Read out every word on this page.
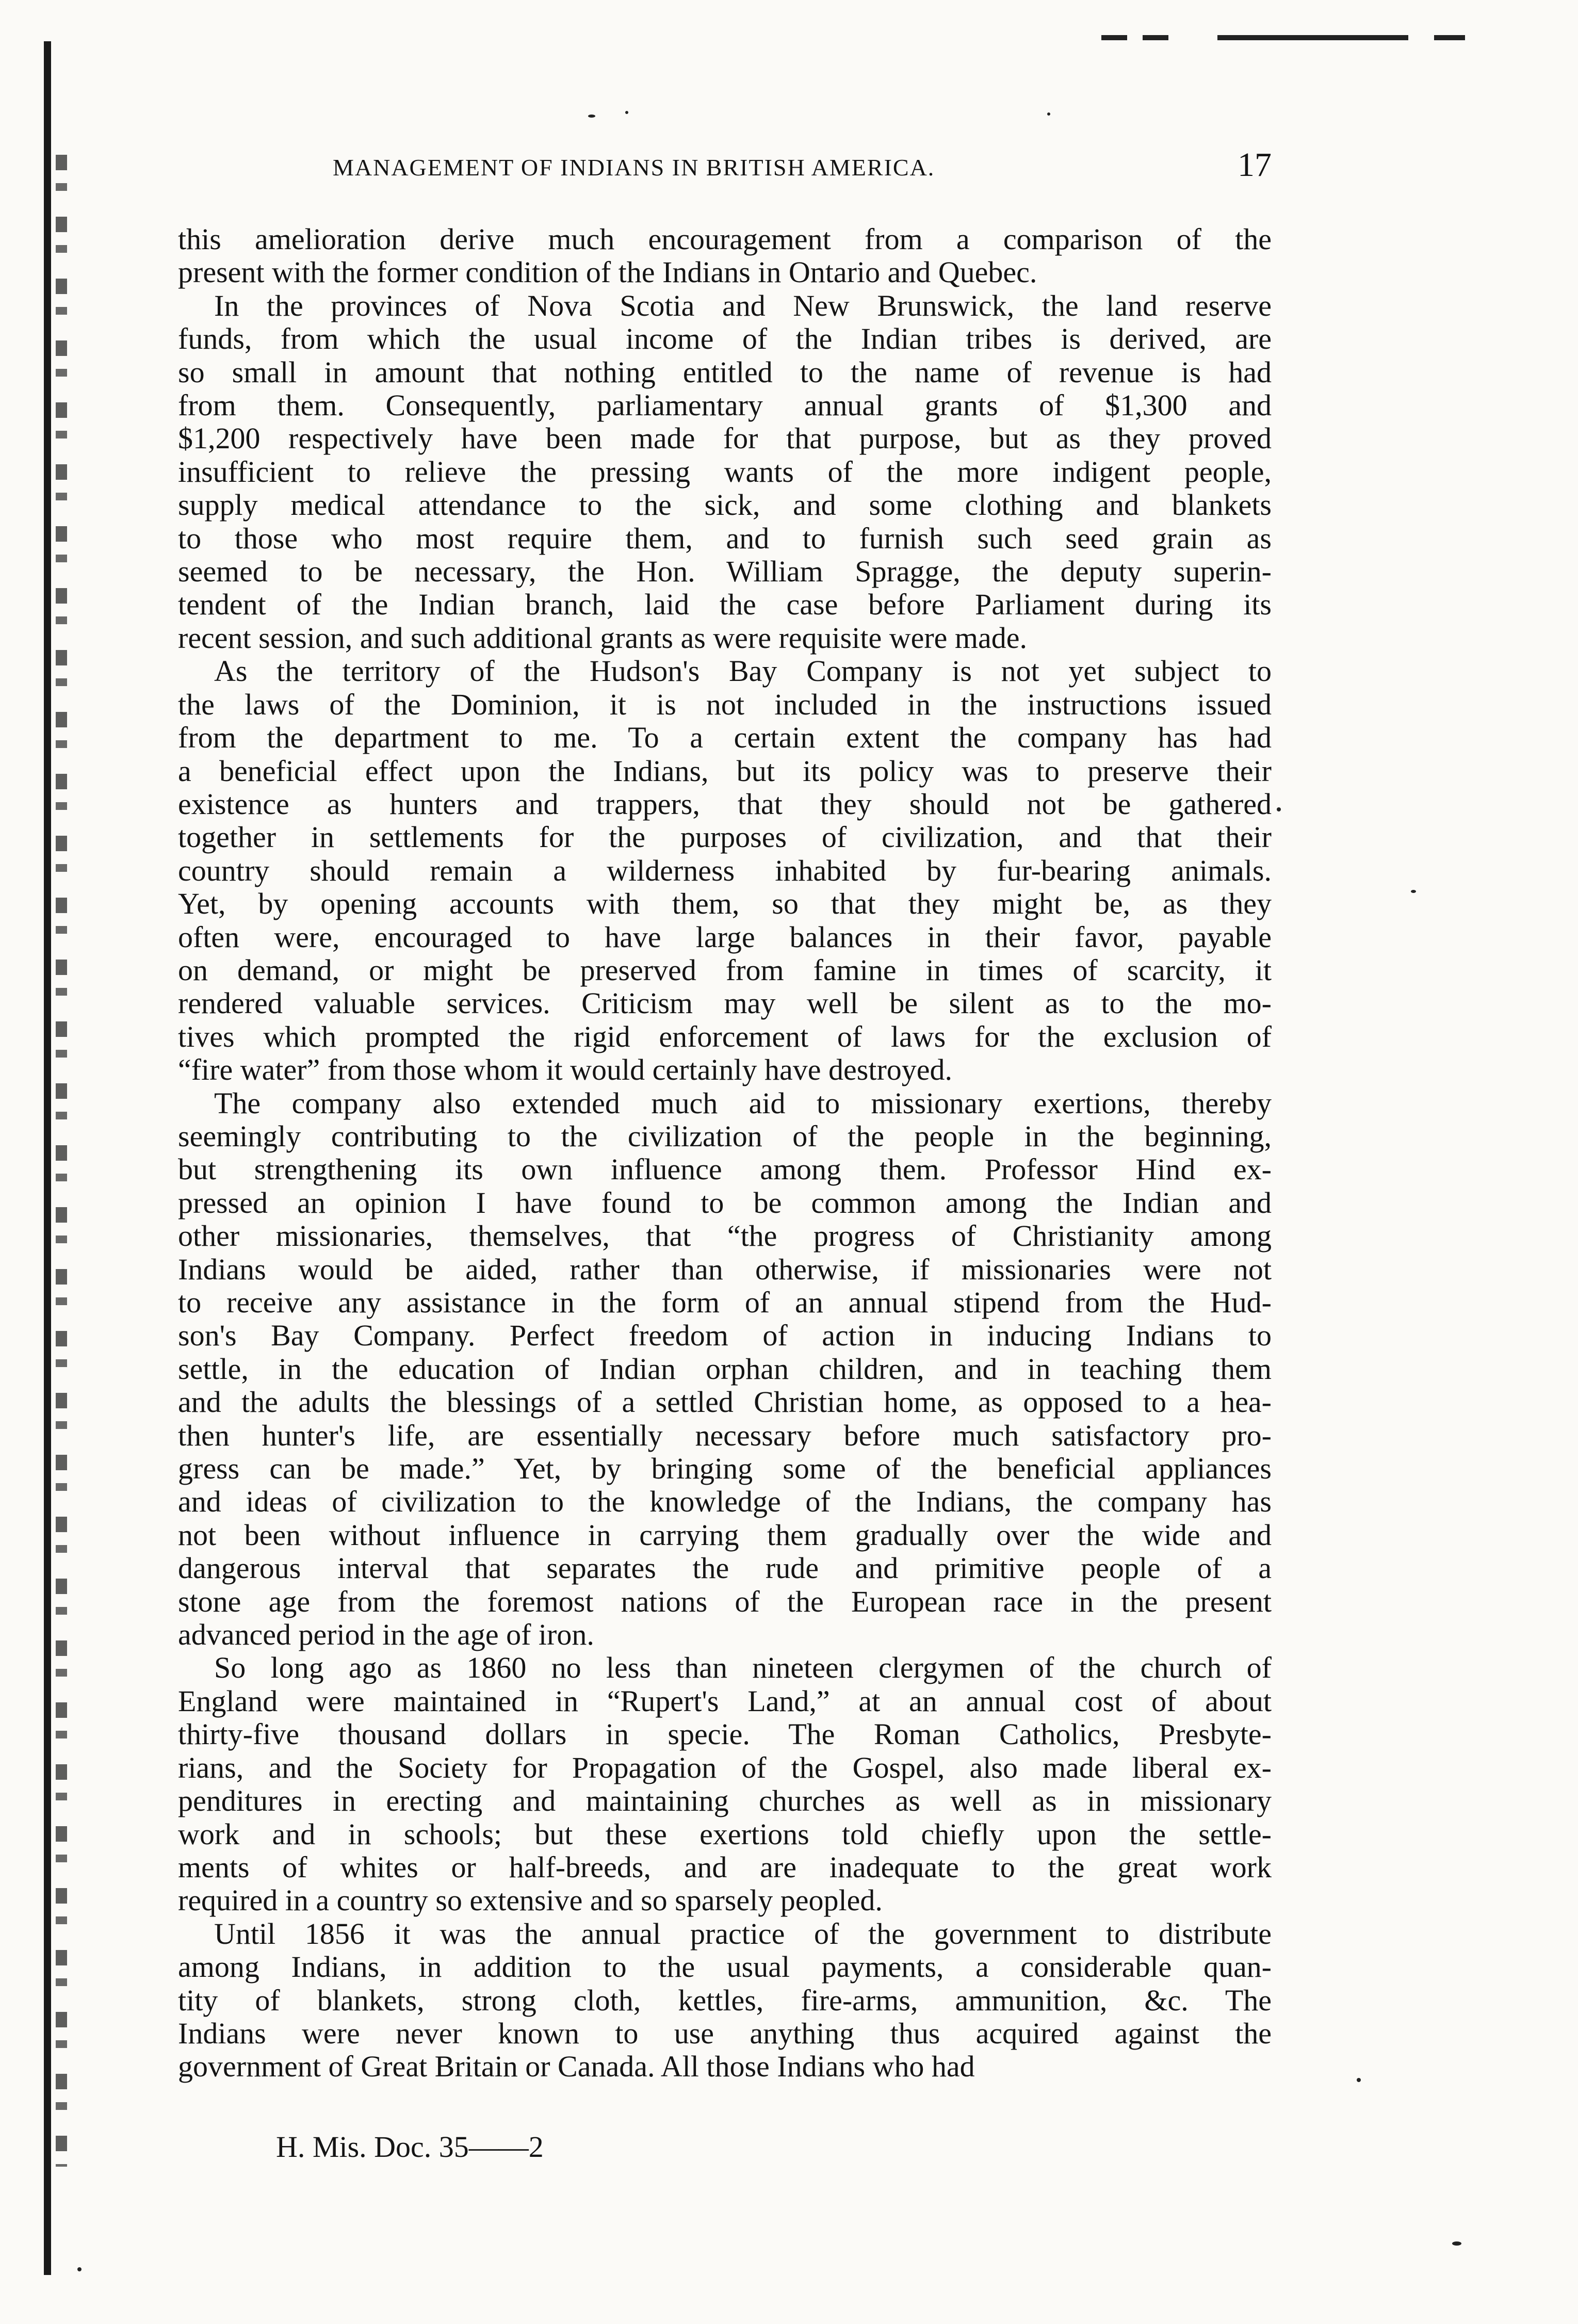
MANAGEMENT OF INDIANS IN BRITISH AMERICA.	17

this amelioration derive much encouragement from a comparison of the

present with the former condition of the Indians in Ontario and Quebec.

In the provinces of Nova Scotia and New Brunswick, the land reserve

funds, from which the usual income of the Indian tribes is derived, are

so small in amount that nothing entitled to the name of revenue is had

from them. Consequently, parliamentary annual grants of $1,300 and

$1,200 respectively have been made for that purpose, but as they proved

insufficient to relieve the pressing wants of the more indigent people,

supply medical attendance to the sick, and some clothing and blankets

to those who most require them, and to furnish such seed grain as

seemed to be necessary, the Hon. William Spragge, the deputy superin-

tendent of the Indian branch, laid the case before Parliament during its

recent session, and such additional grants as were requisite were made.

As the territory of the Hudson's Bay Company is not yet subject to

the laws of the Dominion, it is not included in the instructions issued

from the department to me. To a certain extent the company has had

a beneficial effect upon the Indians, but its policy was to preserve their

existence as hunters and trappers, that they should not be gathered

together in settlements for the purposes of civilization, and that their

country should remain a wilderness inhabited by fur-bearing animals.

Yet, by opening accounts with them, so that they might be, as they

often were, encouraged to have large balances in their favor, payable

on demand, or might be preserved from famine in times of scarcity, it

rendered valuable services. Criticism may well be silent as to the mo-

tives which prompted the rigid enforcement of laws for the exclusion of

“fire water” from those whom it would certainly have destroyed.

The company also extended much aid to missionary exertions, thereby

seemingly contributing to the civilization of the people in the beginning,

but strengthening its own influence among them. Professor Hind ex-

pressed an opinion I have found to be common among the Indian and

other missionaries, themselves, that “the progress of Christianity among

Indians would be aided, rather than otherwise, if missionaries were not

to receive any assistance in the form of an annual stipend from the Hud-

son's Bay Company. Perfect freedom of action in inducing Indians to

settle, in the education of Indian orphan children, and in teaching them

and the adults the blessings of a settled Christian home, as opposed to a hea-

then hunter's life, are essentially necessary before much satisfactory pro-

gress can be made.” Yet, by bringing some of the beneficial appliances

and ideas of civilization to the knowledge of the Indians, the company has

not been without influence in carrying them gradually over the wide and

dangerous interval that separates the rude and primitive people of a

stone age from the foremost nations of the European race in the present

advanced period in the age of iron.

So long ago as 1860 no less than nineteen clergymen of the church of

England were maintained in “Rupert's Land,” at an annual cost of about

thirty-five thousand dollars in specie. The Roman Catholics, Presbyte-

rians, and the Society for Propagation of the Gospel, also made liberal ex-

penditures in erecting and maintaining churches as well as in missionary

work and in schools; but these exertions told chiefly upon the settle-

ments of whites or half-breeds, and are inadequate to the great work

required in a country so extensive and so sparsely peopled.

Until 1856 it was the annual practice of the government to distribute

among Indians, in addition to the usual payments, a considerable quan-

tity of blankets, strong cloth, kettles, fire-arms, ammunition, &c. The

Indians were never known to use anything thus acquired against the

government of Great Britain or Canada. All those Indians who had

H. Mis. Doc. 35——2
